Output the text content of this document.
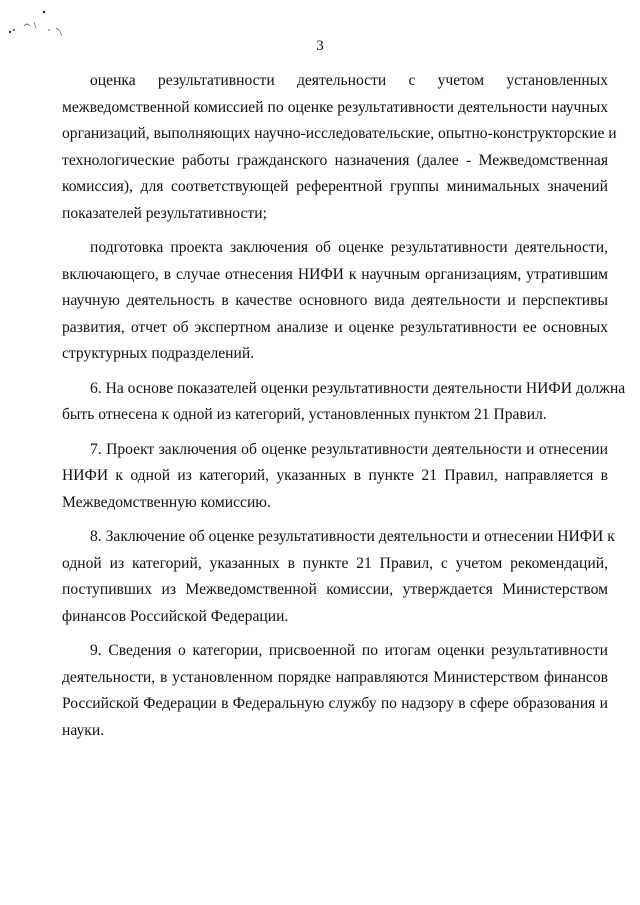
3
оценка результативности деятельности с учетом установленных
межведомственной комиссией по оценке результативности деятельности научных
организаций, выполняющих научно-исследовательские, опытно-конструкторские и
технологические работы гражданского назначения (далее - Межведомственная
комиссия), для соответствующей референтной группы минимальных значений
показателей результативности;
подготовка проекта заключения об оценке результативности деятельности,
включающего, в случае отнесения НИФИ к научным организациям, утратившим
научную деятельность в качестве основного вида деятельности и перспективы
развития, отчет об экспертном анализе и оценке результативности ее основных
структурных подразделений.
6. На основе показателей оценки результативности деятельности НИФИ должна
быть отнесена к одной из категорий, установленных пунктом 21 Правил.
7. Проект заключения об оценке результативности деятельности и отнесении
НИФИ к одной из категорий, указанных в пункте 21 Правил, направляется в
Межведомственную комиссию.
8. Заключение об оценке результативности деятельности и отнесении НИФИ к
одной из категорий, указанных в пункте 21 Правил, с учетом рекомендаций,
поступивших из Межведомственной комиссии, утверждается Министерством
финансов Российской Федерации.
9. Сведения о категории, присвоенной по итогам оценки результативности
деятельности, в установленном порядке направляются Министерством финансов
Российской Федерации в Федеральную службу по надзору в сфере образования и
науки.
